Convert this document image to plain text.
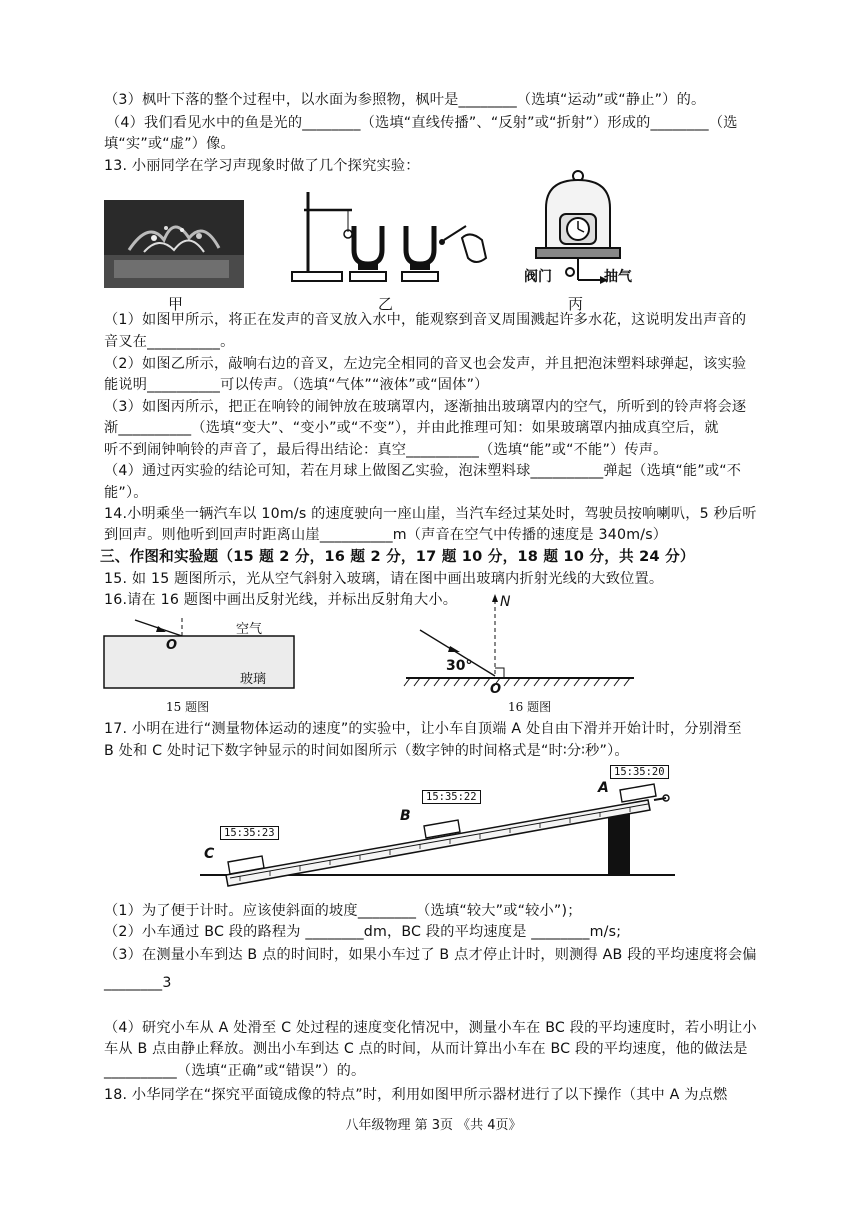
（3）枫叶下落的整个过程中，以水面为参照物，枫叶是________（选填“运动”或“静止”）的。
（4）我们看见水中的鱼是光的________（选填“直线传播”、“反射”或“折射”）形成的________（选
填“实”或“虚”）像。
13. 小丽同学在学习声现象时做了几个探究实验：
甲	乙
阀门	抽气
丙
（1）如图甲所示，将正在发声的音叉放入水中，能观察到音叉周围溅起许多水花，这说明发出声音的
音叉在__________。
（2）如图乙所示，敲响右边的音叉，左边完全相同的音叉也会发声，并且把泡沫塑料球弹起，该实验
能说明__________可以传声。（选填“气体”“液体”或“固体”）
（3）如图丙所示，把正在响铃的闹钟放在玻璃罩内，逐渐抽出玻璃罩内的空气，所听到的铃声将会逐
渐__________（选填“变大”、“变小”或“不变”），并由此推理可知：如果玻璃罩内抽成真空后，就
听不到闹钟响铃的声音了，最后得出结论：真空__________（选填“能”或“不能”）传声。
（4）通过丙实验的结论可知，若在月球上做图乙实验，泡沫塑料球__________弹起（选填“能”或“不
能”）。
14.小明乘坐一辆汽车以 10m/s 的速度驶向一座山崖，当汽车经过某处时，驾驶员按响喇叭，5 秒后听
到回声。则他听到回声时距离山崖__________m（声音在空气中传播的速度是 340m/s）
三、作图和实验题（15 题 2 分，16 题 2 分，17 题 10 分，18 题 10 分，共 24 分）
15. 如 15 题图所示，光从空气斜射入玻璃，请在图中画出玻璃内折射光线的大致位置。
16.请在 16 题图中画出反射光线，并标出反射角大小。
空气
O
玻璃
15 题图
N
30°
O
16 题图
17. 小明在进行“测量物体运动的速度”的实验中，让小车自顶端 A 处自由下滑并开始计时，分别滑至
B 处和 C 处时记下数字钟显示的时间如图所示（数字钟的时间格式是“时∶分∶秒”）。
15:35:23
15:35:22
15:35:20
C
B
A
（1）为了便于计时。应该使斜面的坡度________（选填“较大”或“较小”)；
（2）小车通过 BC 段的路程为 ________dm，BC 段的平均速度是 ________m/s;
（3）在测量小车到达 B 点的时间时，如果小车过了 B 点才停止计时，则测得 AB 段的平均速度将会偏
________3
（4）研究小车从 A 处滑至 C 处过程的速度变化情况中，测量小车在 BC 段的平均速度时，若小明让小
车从 B 点由静止释放。测出小车到达 C 点的时间，从而计算出小车在 BC 段的平均速度，他的做法是
__________（选填“正确”或“错误”）的。
18. 小华同学在“探究平面镜成像的特点”时，利用如图甲所示器材进行了以下操作（其中 A 为点燃
八年级物理 第 3页 《共 4页》
